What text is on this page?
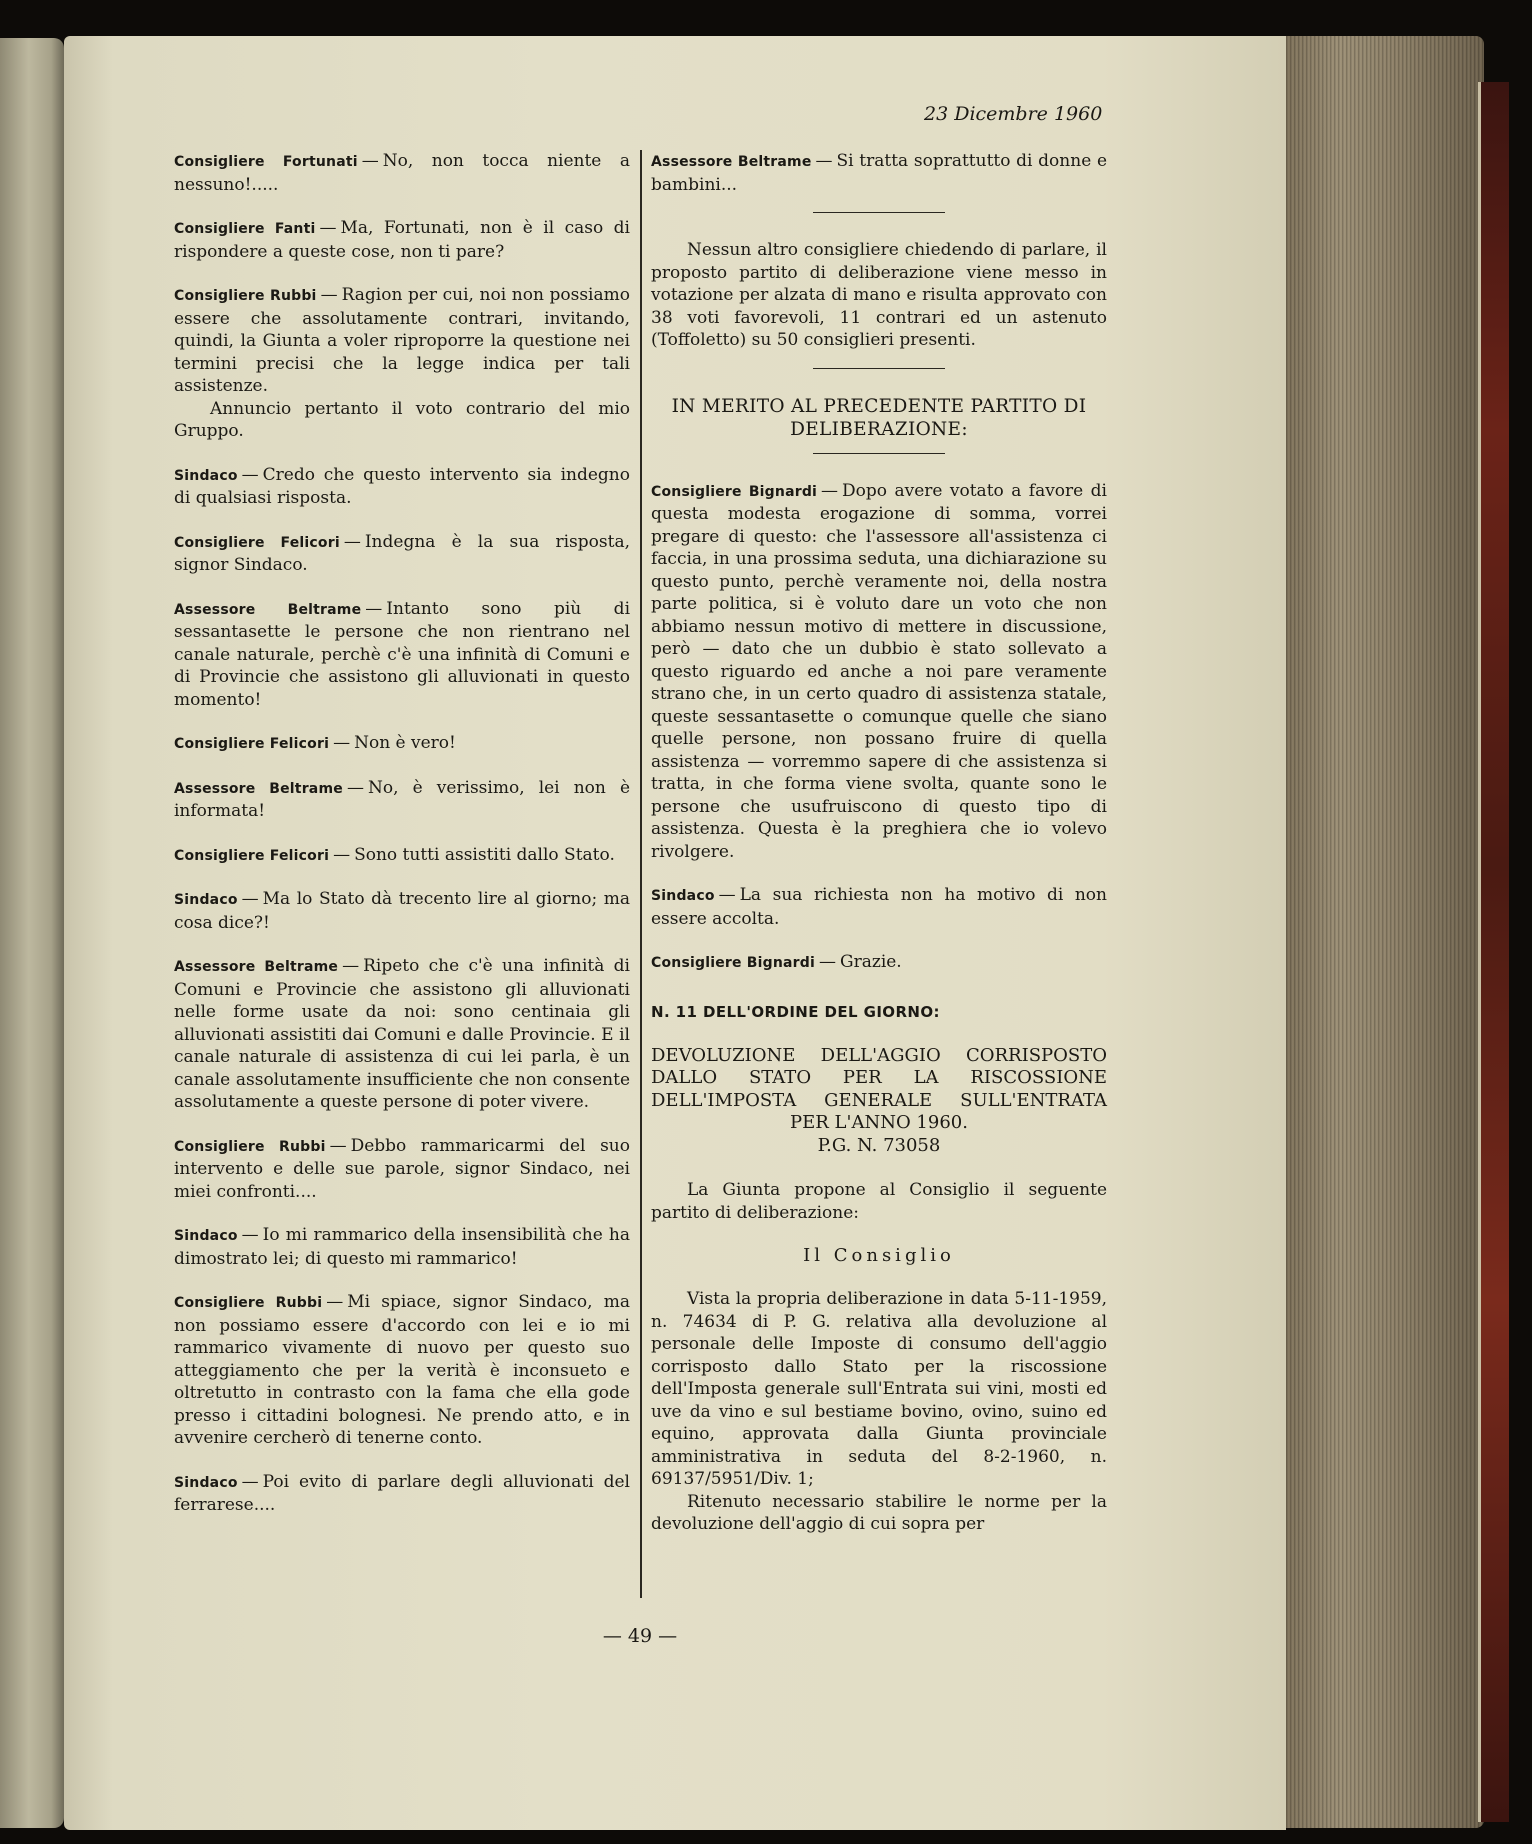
23 Dicembre 1960

Consigliere Fortunati — No, non tocca niente a nessuno!.....

Consigliere Fanti — Ma, Fortunati, non è il caso di rispondere a queste cose, non ti pare?

Consigliere Rubbi — Ragion per cui, noi non possiamo essere che assolutamente contrari, invitando, quindi, la Giunta a voler riproporre la questione nei termini precisi che la legge indica per tali assistenze.

Annuncio pertanto il voto contrario del mio Gruppo.

Sindaco — Credo che questo intervento sia indegno di qualsiasi risposta.

Consigliere Felicori — Indegna è la sua risposta, signor Sindaco.

Assessore Beltrame — Intanto sono più di sessantasette le persone che non rientrano nel canale naturale, perchè c'è una infinità di Comuni e di Provincie che assistono gli alluvionati in questo momento!

Consigliere Felicori — Non è vero!

Assessore Beltrame — No, è verissimo, lei non è informata!

Consigliere Felicori — Sono tutti assistiti dallo Stato.

Sindaco — Ma lo Stato dà trecento lire al giorno; ma cosa dice?!

Assessore Beltrame — Ripeto che c'è una infinità di Comuni e Provincie che assistono gli alluvionati nelle forme usate da noi: sono centinaia gli alluvionati assistiti dai Comuni e dalle Provincie. E il canale naturale di assistenza di cui lei parla, è un canale assolutamente insufficiente che non consente assolutamente a queste persone di poter vivere.

Consigliere Rubbi — Debbo rammaricarmi del suo intervento e delle sue parole, signor Sindaco, nei miei confronti....

Sindaco — Io mi rammarico della insensibilità che ha dimostrato lei; di questo mi rammarico!

Consigliere Rubbi — Mi spiace, signor Sindaco, ma non possiamo essere d'accordo con lei e io mi rammarico vivamente di nuovo per questo suo atteggiamento che per la verità è inconsueto e oltretutto in contrasto con la fama che ella gode presso i cittadini bolognesi. Ne prendo atto, e in avvenire cercherò di tenerne conto.

Sindaco — Poi evito di parlare degli alluvionati del ferrarese....

Assessore Beltrame — Si tratta soprattutto di donne e bambini...

Nessun altro consigliere chiedendo di parlare, il proposto partito di deliberazione viene messo in votazione per alzata di mano e risulta approvato con 38 voti favorevoli, 11 contrari ed un astenuto (Toffoletto) su 50 consiglieri presenti.

IN MERITO AL PRECEDENTE PARTITO DI DELIBERAZIONE:

Consigliere Bignardi — Dopo avere votato a favore di questa modesta erogazione di somma, vorrei pregare di questo: che l'assessore all'assistenza ci faccia, in una prossima seduta, una dichiarazione su questo punto, perchè veramente noi, della nostra parte politica, si è voluto dare un voto che non abbiamo nessun motivo di mettere in discussione, però — dato che un dubbio è stato sollevato a questo riguardo ed anche a noi pare veramente strano che, in un certo quadro di assistenza statale, queste sessantasette o comunque quelle che siano quelle persone, non possano fruire di quella assistenza — vorremmo sapere di che assistenza si tratta, in che forma viene svolta, quante sono le persone che usufruiscono di questo tipo di assistenza. Questa è la preghiera che io volevo rivolgere.

Sindaco — La sua richiesta non ha motivo di non essere accolta.

Consigliere Bignardi — Grazie.

N. 11 DELL'ORDINE DEL GIORNO:
DEVOLUZIONE DELL'AGGIO CORRISPOSTO DALLO STATO PER LA RISCOSSIONE DELL'IMPOSTA GENERALE SULL'ENTRATA PER L'ANNO 1960.
P.G. N. 73058

La Giunta propone al Consiglio il seguente partito di deliberazione:

Il Consiglio

Vista la propria deliberazione in data 5-11-1959, n. 74634 di P. G. relativa alla devoluzione al personale delle Imposte di consumo dell'aggio corrisposto dallo Stato per la riscossione dell'Imposta generale sull'Entrata sui vini, mosti ed uve da vino e sul bestiame bovino, ovino, suino ed equino, approvata dalla Giunta provinciale amministrativa in seduta del 8-2-1960, n. 69137/5951/Div. 1;

Ritenuto necessario stabilire le norme per la devoluzione dell'aggio di cui sopra per

— 49 —
